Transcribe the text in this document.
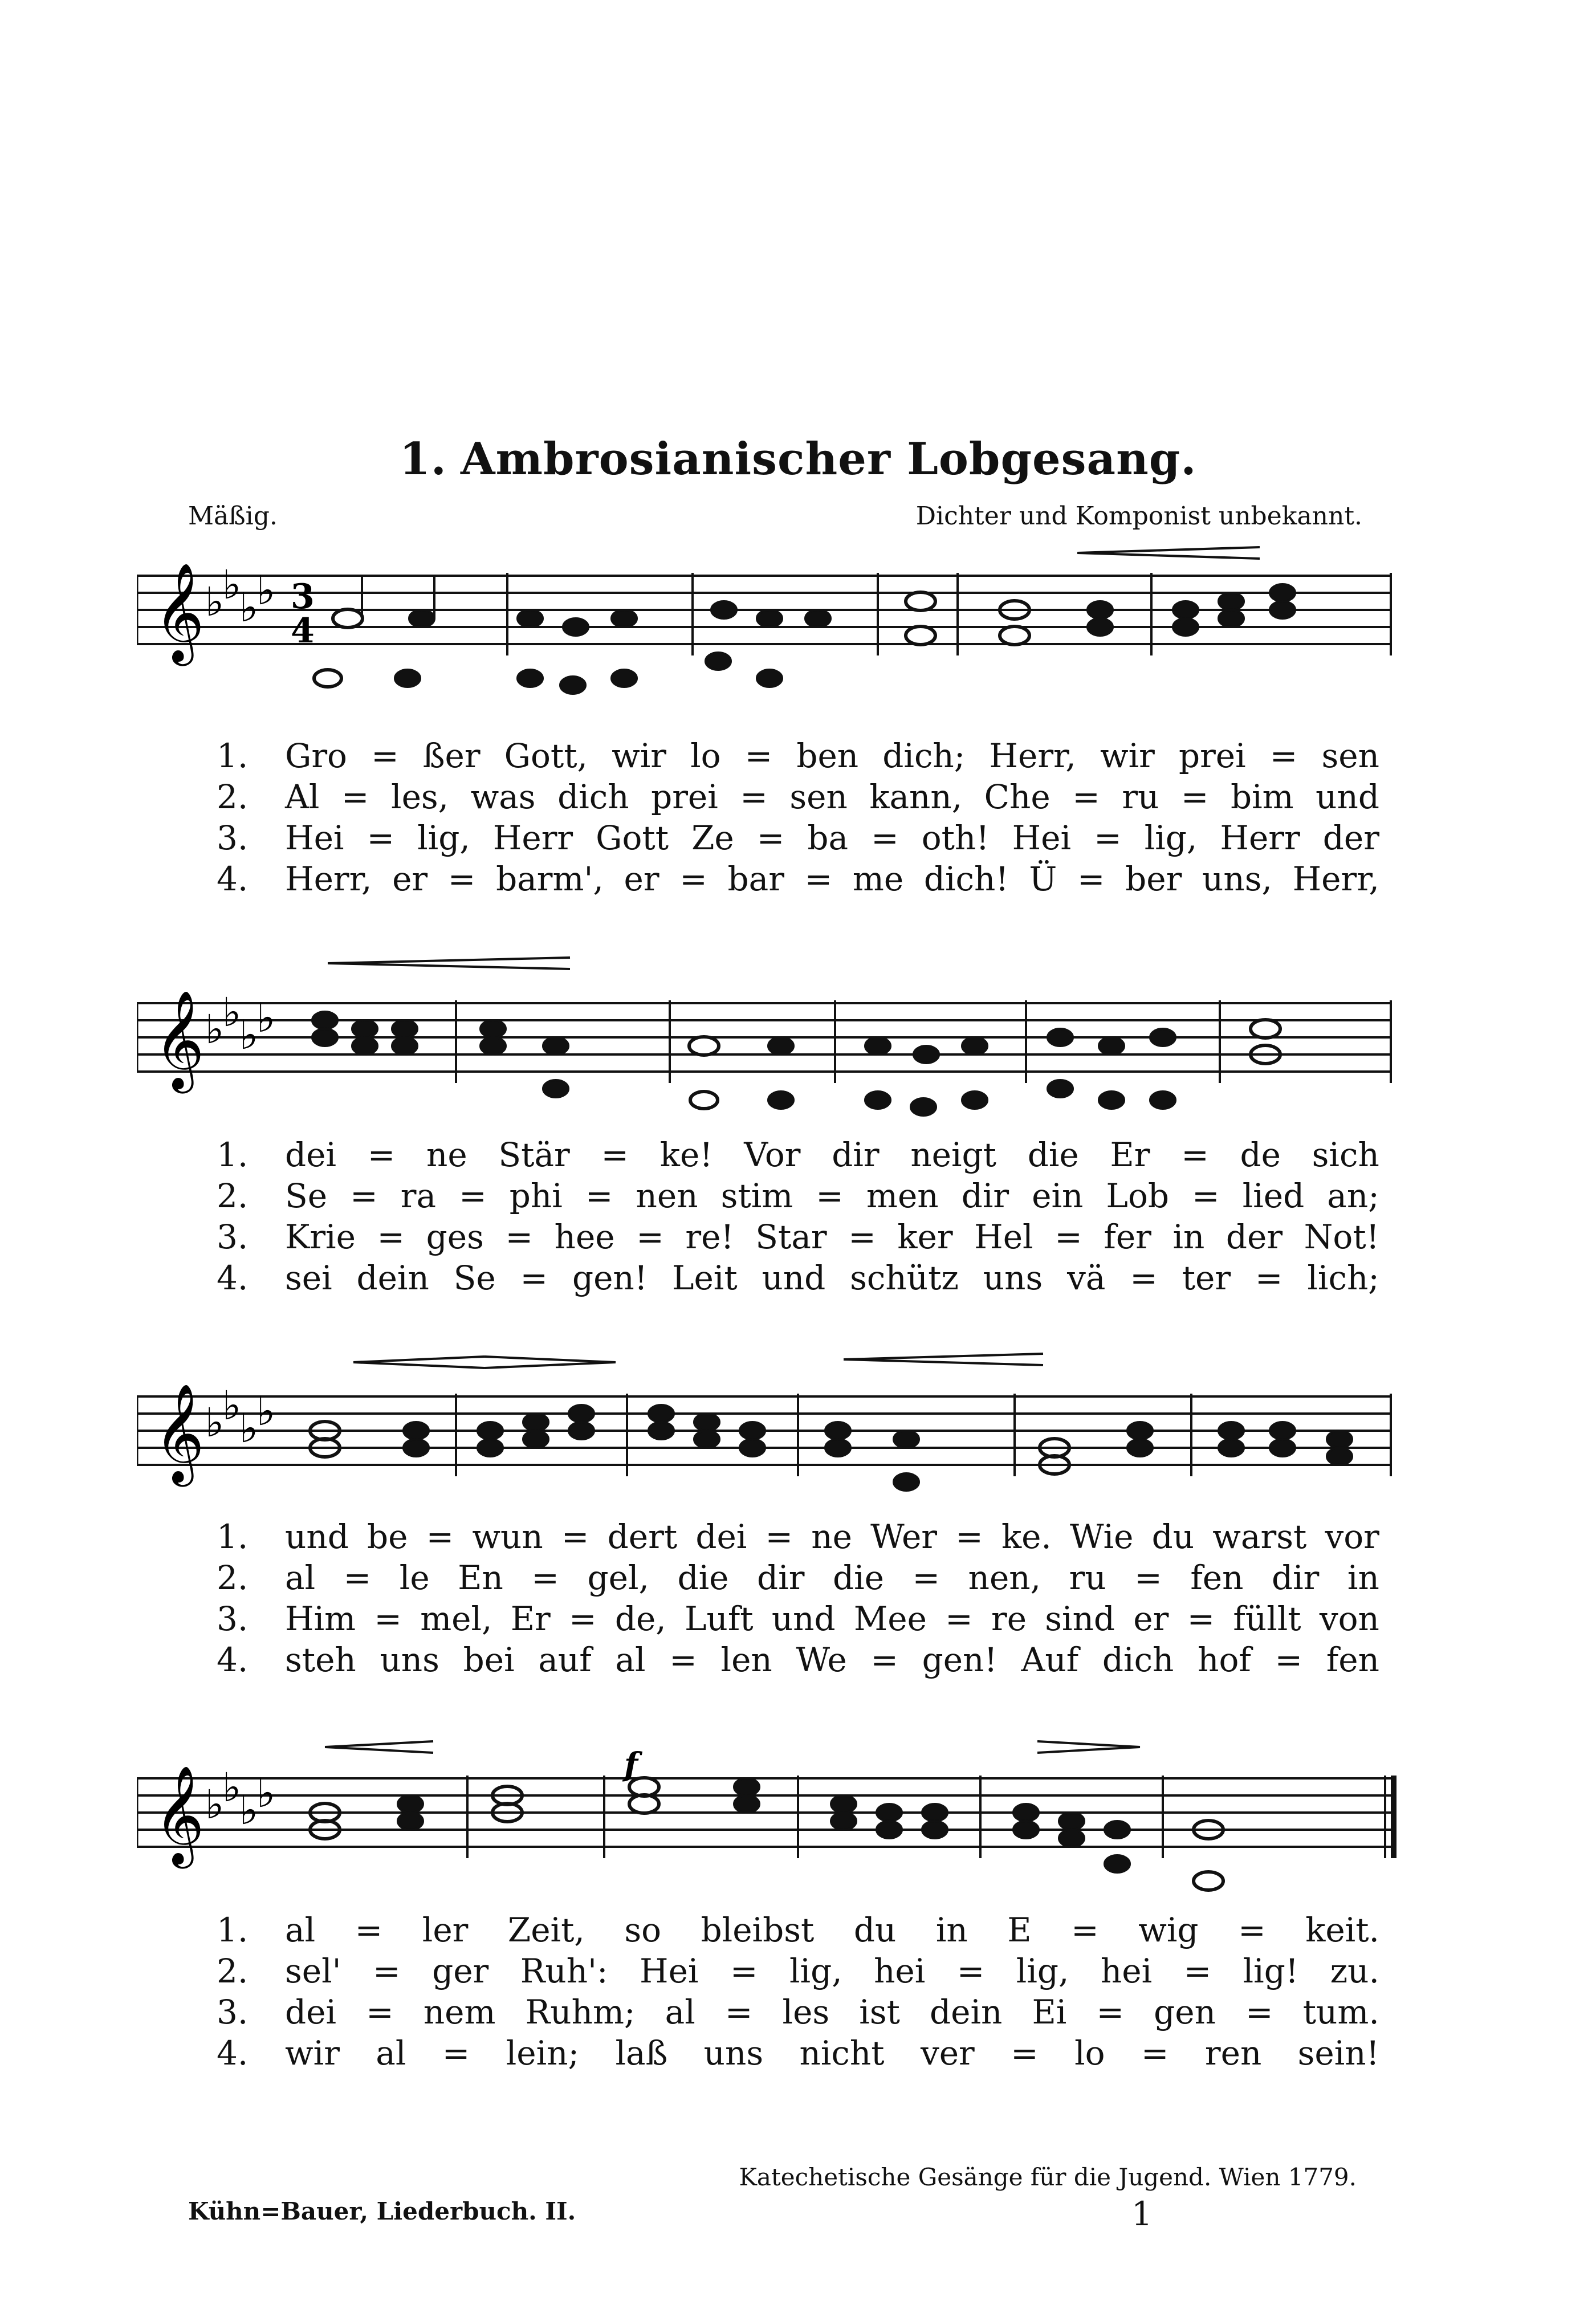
1. Ambrosianischer Lobgesang.
Mäßig.	Dichter und Komponist unbekannt.
𝄞 ♭
♭
♭
♭ 3
4
1.	Gro = ßer Gott, wir lo = ben dich; Herr, wir prei = sen
2.	Al = les, was dich prei = sen kann, Che = ru = bim und
3.	Hei = lig, Herr Gott Ze = ba = oth! Hei = lig, Herr der
4.	Herr, er = barm', er = bar = me dich! Ü = ber uns, Herr,
𝄞 ♭
♭
♭
♭
1.	dei = ne Stär = ke! Vor dir neigt die Er = de sich
2.	Se = ra = phi = nen stim = men dir ein Lob = lied an;
3.	Krie = ges = hee = re! Star = ker Hel = fer in der Not!
4.	sei dein Se = gen! Leit und schütz uns vä = ter = lich;
𝄞 ♭
♭
♭
♭
1.	und be = wun = dert dei = ne Wer = ke. Wie du warst vor
2.	al = le En = gel, die dir die = nen, ru = fen dir in
3.	Him = mel, Er = de, Luft und Mee = re sind er = füllt von
4.	steh uns bei auf al = len We = gen! Auf dich hof = fen
𝄞 ♭
♭
♭
♭
f
1.	al = ler Zeit, so bleibst du in E = wig = keit.
2.	sel' = ger Ruh': Hei = lig, hei = lig, hei = lig! zu.
3.	dei = nem Ruhm; al = les ist dein Ei = gen = tum.
4.	wir al = lein; laß uns nicht ver = lo = ren sein!
Katechetische Gesänge für die Jugend. Wien 1779.
Kühn=Bauer, Liederbuch. II.	1
